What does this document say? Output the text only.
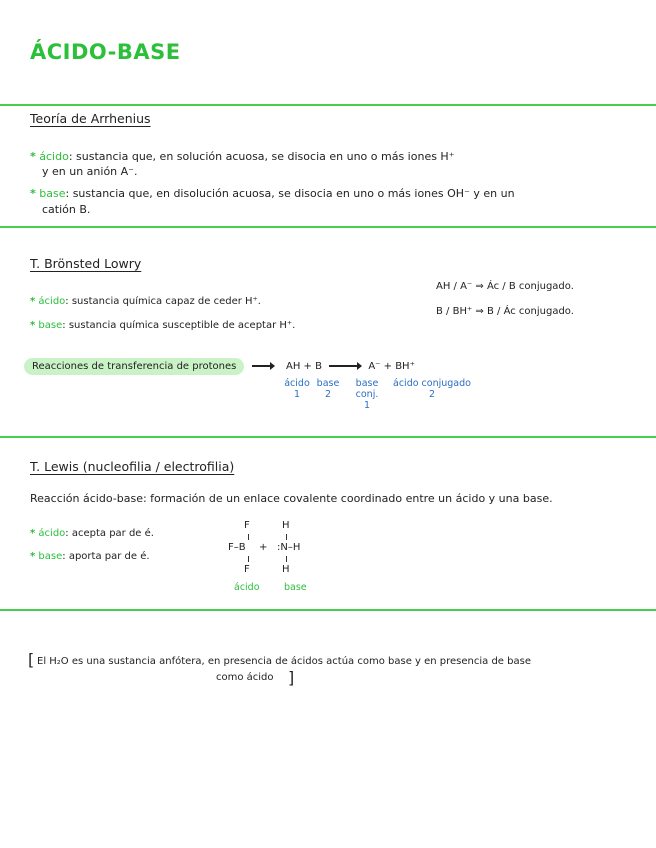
ÁCIDO-BASE
Teoría de Arrhenius
* ácido: sustancia que, en solución acuosa, se disocia en uno o más iones H⁺
y en un anión A⁻.
* base: sustancia que, en disolución acuosa, se disocia en uno o más iones OH⁻ y en un
catión B.
T. Brönsted Lowry
AH / A⁻ ⇒ Ác / B conjugado.
B / BH⁺ ⇒ B / Ác conjugado.
* ácido: sustancia química capaz de ceder H⁺.
* base: sustancia química susceptible de aceptar H⁺.
Reacciones de transferencia de protones	AH + B	A⁻ + BH⁺
ácido
1
base
2
base
conj.
1
ácido conjugado
2
T. Lewis (nucleofilia / electrofilia)
Reacción ácido-base: formación de un enlace covalente coordinado entre un ácido y una base.
* ácido: acepta par de é.
* base: aporta par de é.
F
F–B
F
+
H
:N–H
H
ácido	base
[ El H₂O es una sustancia anfótera, en presencia de ácidos actúa como base y en presencia de base
como ácido ]
